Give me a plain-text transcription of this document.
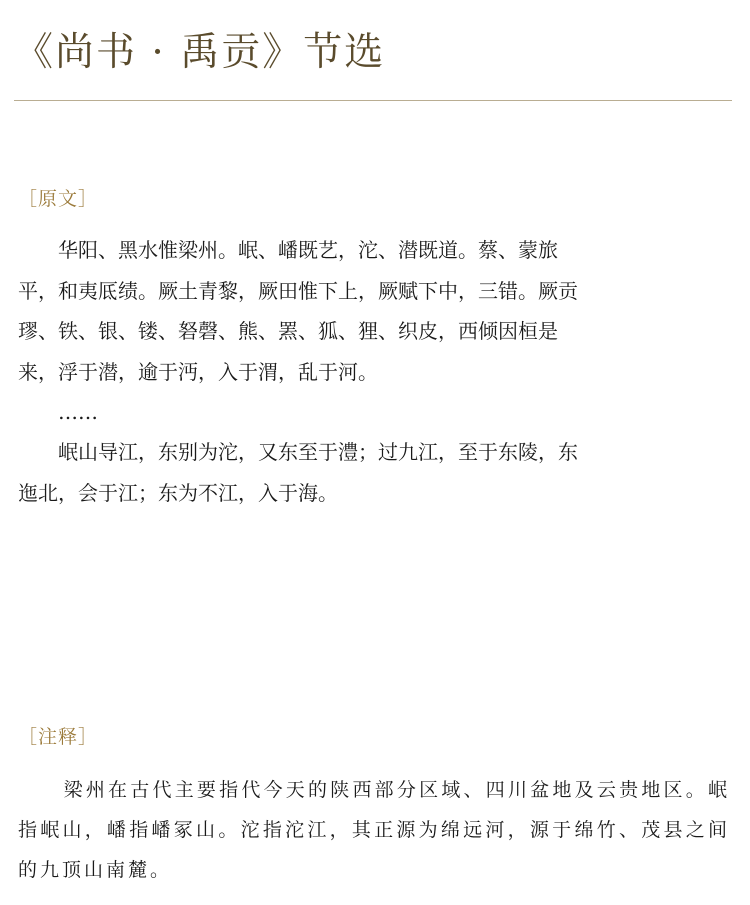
《尚书 · 禹贡》节选
［原文］

华阳、黑水惟梁州。岷、嶓既艺，沱、潜既道。蔡、蒙旅平，和夷厎绩。厥土青黎，厥田惟下上，厥赋下中，三错。厥贡璆、铁、银、镂、砮磬、熊、罴、狐、狸、织皮，西倾因桓是来，浮于潜，逾于沔，入于渭，乱于河。

……

岷山导江，东别为沱，又东至于澧；过九江，至于东陵，东迤北，会于江；东为不江，入于海。

［注释］

梁州在古代主要指代今天的陕西部分区域、四川盆地及云贵地区。岷指岷山，嶓指嶓冢山。沱指沱江，其正源为绵远河，源于绵竹、茂县之间的九顶山南麓。
